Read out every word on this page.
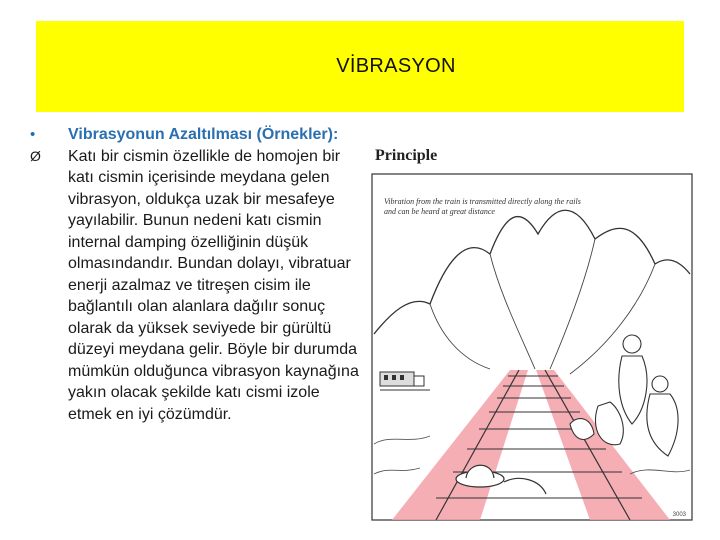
VİBRASYON
•	Vibrasyonun Azaltılması (Örnekler):
Ø	Katı bir cismin özellikle de homojen bir katı cismin içerisinde meydana gelen vibrasyon, oldukça uzak bir mesafeye yayılabilir. Bunun nedeni katı cismin internal damping özelliğinin düşük olmasındandır. Bundan dolayı, vibratuar enerji azalmaz ve titreşen cisim ile bağlantılı olan alanlara dağılır sonuç olarak da yüksek seviyede bir gürültü düzeyi meydana gelir. Böyle bir durumda mümkün olduğunca vibrasyon kaynağına yakın olacak şekilde katı cismi izole etmek en iyi çözümdür.
Principle
Vibration from the train is transmitted directly along the rails and can be heard at great distance
3003
